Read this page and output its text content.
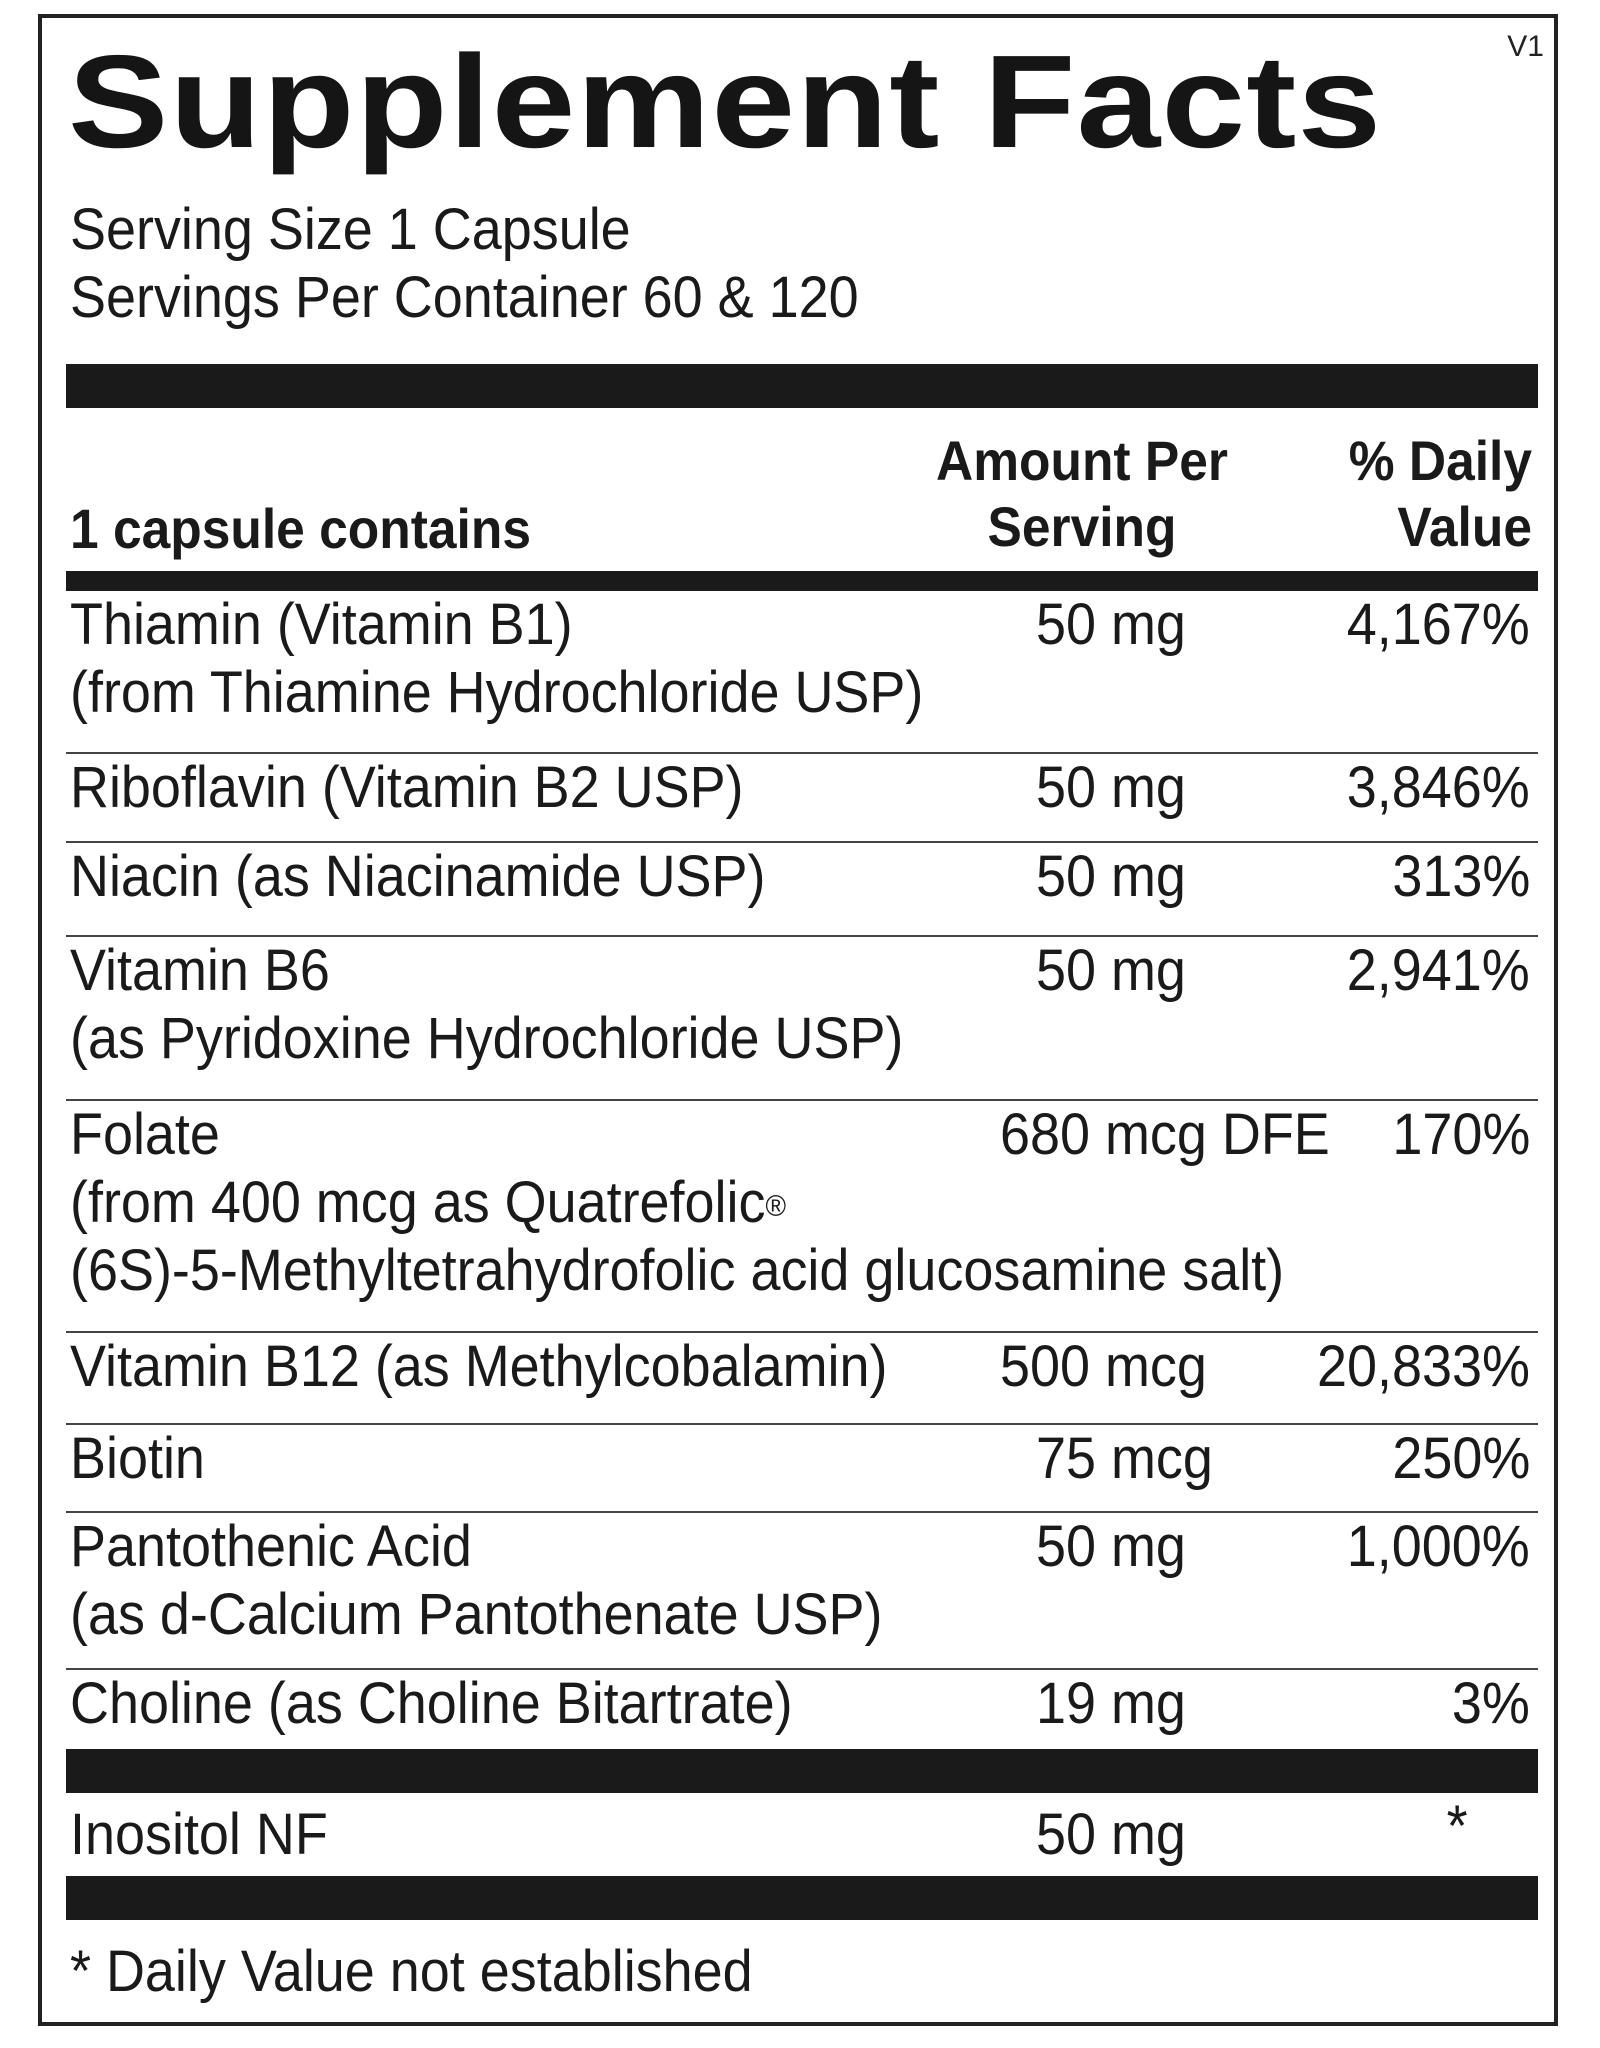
V1
Supplement Facts
Serving Size 1 Capsule
Servings Per Container 60 & 120
1 capsule contains
Amount Per
Serving
% Daily
Value
Thiamin (Vitamin B1)
(from Thiamine Hydrochloride USP)
50 mg	4,167%
Riboflavin (Vitamin B2 USP)	50 mg	3,846%
Niacin (as Niacinamide USP)	50 mg	313%
Vitamin B6
(as Pyridoxine Hydrochloride USP)
50 mg	2,941%
Folate
(from 400 mcg as Quatrefolic®
(6S)-5-Methyltetrahydrofolic acid glucosamine salt)
680 mcg DFE 170%
Vitamin B12 (as Methylcobalamin) 500 mcg 20,833%
Biotin	75 mcg	250%
Pantothenic Acid
(as d-Calcium Pantothenate USP)
50 mg	1,000%
Choline (as Choline Bitartrate)	19 mg	3%
Inositol NF	50 mg	*
* Daily Value not established
